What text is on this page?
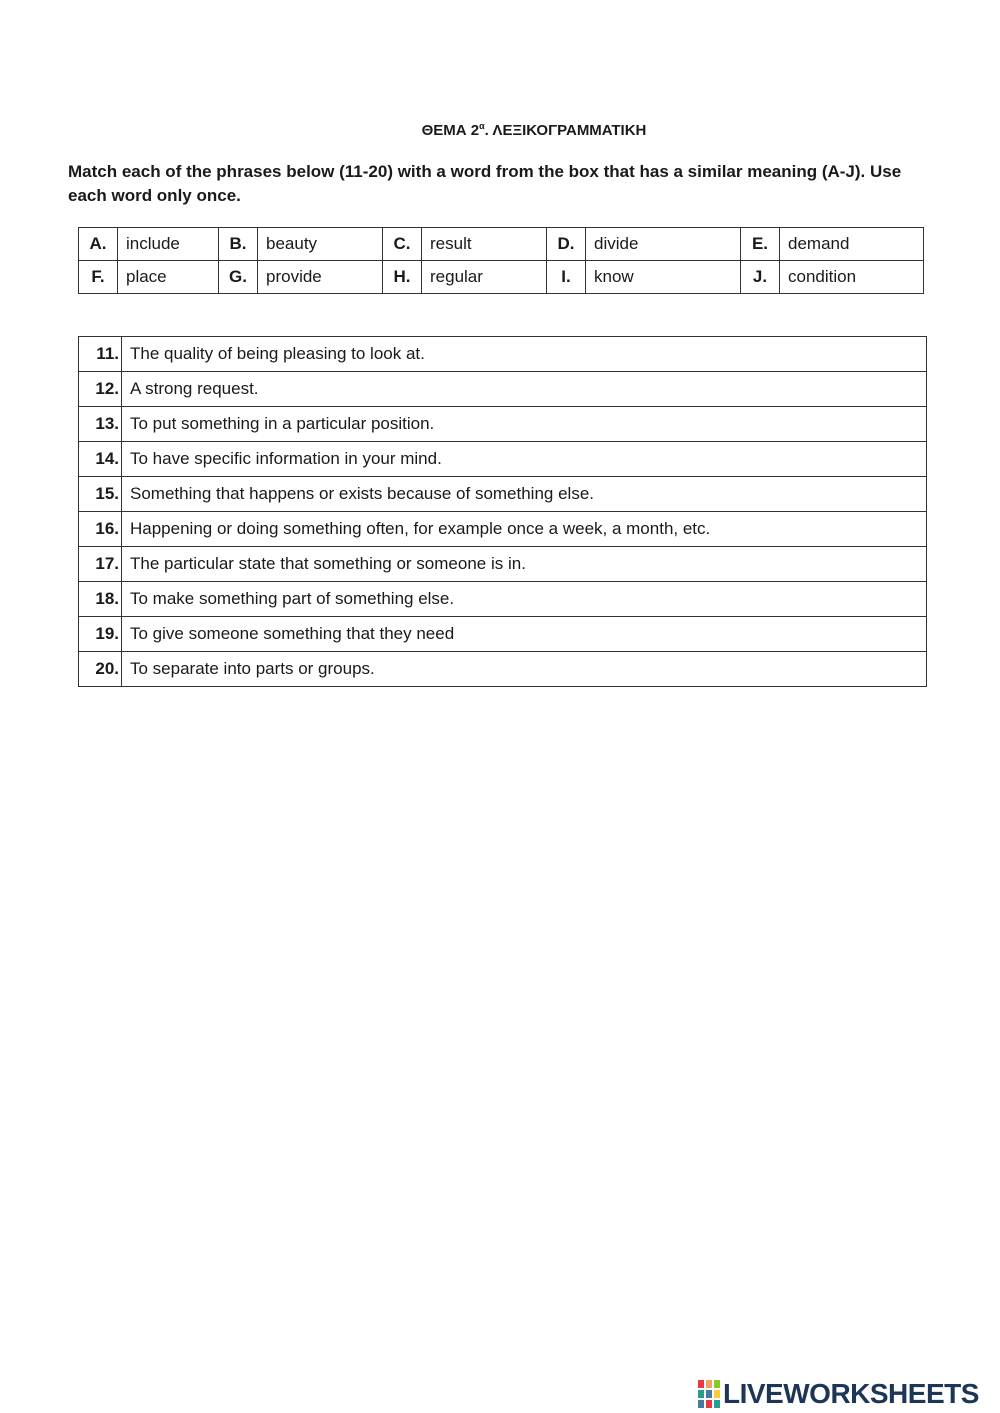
ΘΕΜΑ $2^\alpha$. ΛΕΞΙΚΟΓΡΑΜΜΑΤΙΚΗ
Match each of the phrases below (11-20) with a word from the box that has a similar meaning (A-J). Use each word only once.
A.	include	B.	beauty	C.	result	D.	divide	E.	demand
F.	place	G.	provide	H.	regular	I.	know	J.	condition
11.	The quality of being pleasing to look at.
12.	A strong request.
13.	To put something in a particular position.
14.	To have specific information in your mind.
15.	Something that happens or exists because of something else.
16.	Happening or doing something often, for example once a week, a month, etc.
17.	The particular state that something or someone is in.
18.	To make something part of something else.
19.	To give someone something that they need
20.	To separate into parts or groups.
LIVEWORKSHEETS
